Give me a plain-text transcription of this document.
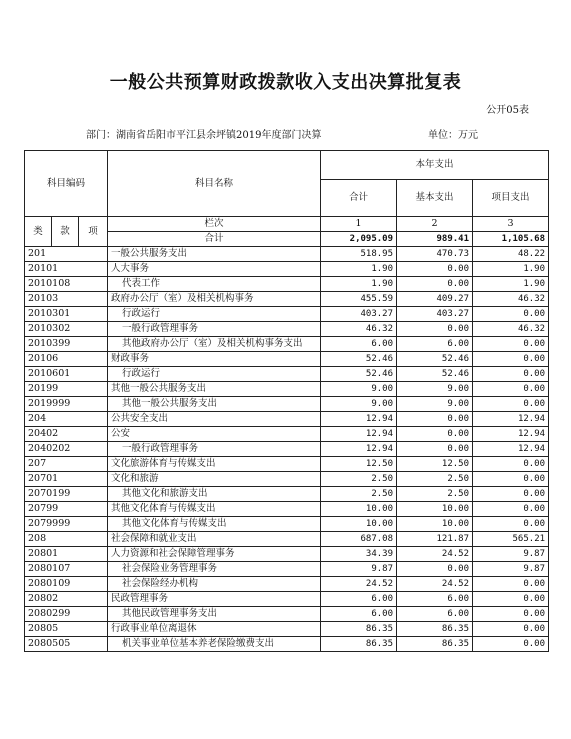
一般公共预算财政拨款收入支出决算批复表
公开05表
部门：湖南省岳阳市平江县余坪镇2019年度部门决算	单位：万元
科目编码			科目名称	本年支出		
				合计	基本支出	项目支出
类	款	项	栏次	1	2	3
			合计	2,095.09	989.41	1,105.68
201			一般公共服务支出	518.95	470.73	48.22
20101			人大事务	1.90	0.00	1.90
2010108			代表工作	1.90	0.00	1.90
20103			政府办公厅（室）及相关机构事务	455.59	409.27	46.32
2010301			行政运行	403.27	403.27	0.00
2010302			一般行政管理事务	46.32	0.00	46.32
2010399			其他政府办公厅（室）及相关机构事务支出	6.00	6.00	0.00
20106			财政事务	52.46	52.46	0.00
2010601			行政运行	52.46	52.46	0.00
20199			其他一般公共服务支出	9.00	9.00	0.00
2019999			其他一般公共服务支出	9.00	9.00	0.00
204			公共安全支出	12.94	0.00	12.94
20402			公安	12.94	0.00	12.94
2040202			一般行政管理事务	12.94	0.00	12.94
207			文化旅游体育与传媒支出	12.50	12.50	0.00
20701			文化和旅游	2.50	2.50	0.00
2070199			其他文化和旅游支出	2.50	2.50	0.00
20799			其他文化体育与传媒支出	10.00	10.00	0.00
2079999			其他文化体育与传媒支出	10.00	10.00	0.00
208			社会保障和就业支出	687.08	121.87	565.21
20801			人力资源和社会保障管理事务	34.39	24.52	9.87
2080107			社会保险业务管理事务	9.87	0.00	9.87
2080109			社会保险经办机构	24.52	24.52	0.00
20802			民政管理事务	6.00	6.00	0.00
2080299			其他民政管理事务支出	6.00	6.00	0.00
20805			行政事业单位离退休	86.35	86.35	0.00
2080505			机关事业单位基本养老保险缴费支出	86.35	86.35	0.00
